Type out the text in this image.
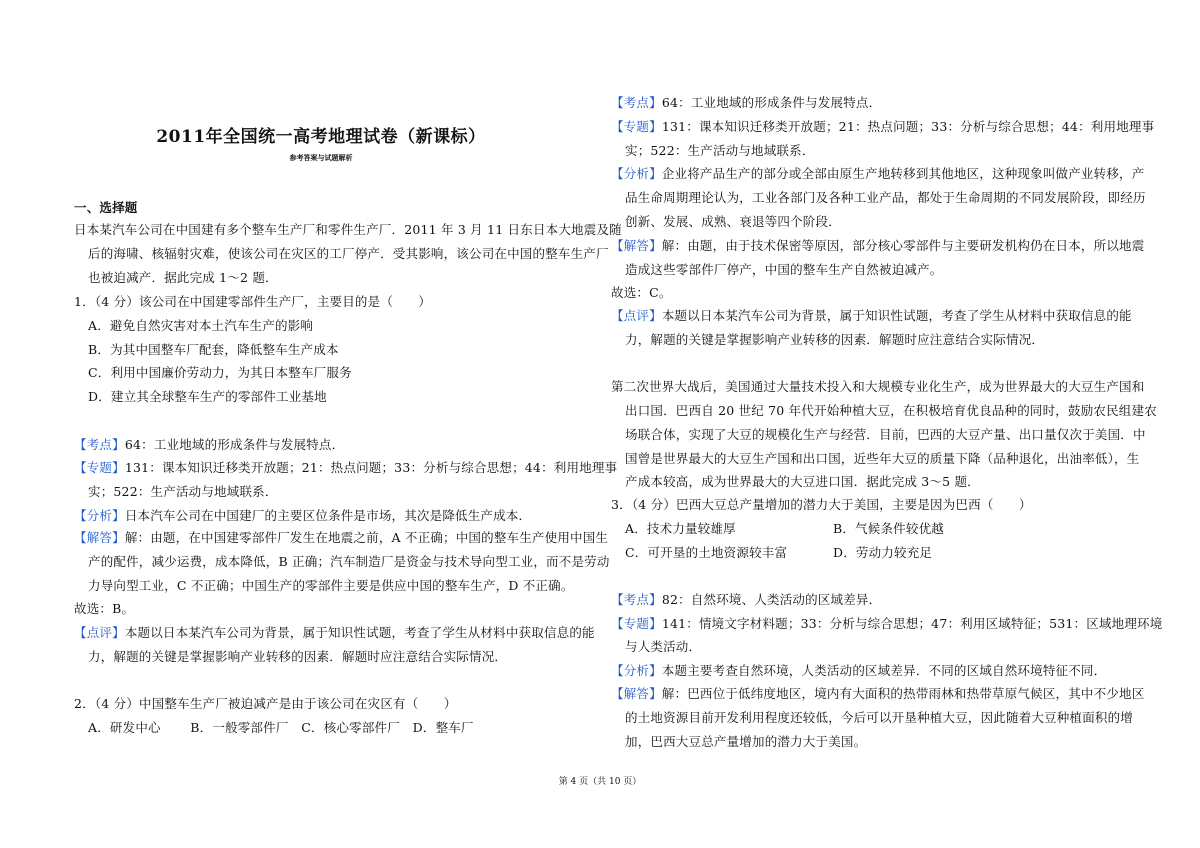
2011年全国统一高考地理试卷（新课标）
参考答案与试题解析
一、选择题
日本某汽车公司在中国建有多个整车生产厂和零件生产厂．2011 年 3 月 11 日东日本大地震及随
后的海啸、核辐射灾难，使该公司在灾区的工厂停产．受其影响，该公司在中国的整车生产厂
也被迫减产．据此完成 1～2 题．
1．（4 分）该公司在中国建零部件生产厂，主要目的是（　　）
A．避免自然灾害对本土汽车生产的影响
B．为其中国整车厂配套，降低整车生产成本
C．利用中国廉价劳动力，为其日本整车厂服务
D．建立其全球整车生产的零部件工业基地
【考点】64：工业地域的形成条件与发展特点．
【专题】131：课本知识迁移类开放题；21：热点问题；33：分析与综合思想；44：利用地理事
实；522：生产活动与地域联系．
【分析】日本汽车公司在中国建厂的主要区位条件是市场，其次是降低生产成本．
【解答】解：由题，在中国建零部件厂发生在地震之前，A 不正确；中国的整车生产使用中国生
产的配件，减少运费，成本降低，B 正确；汽车制造厂是资金与技术导向型工业，而不是劳动
力导向型工业，C 不正确；中国生产的零部件主要是供应中国的整车生产，D 不正确。
故选：B。
【点评】本题以日本某汽车公司为背景，属于知识性试题，考查了学生从材料中获取信息的能
力，解题的关键是掌握影响产业转移的因素．解题时应注意结合实际情况．
2．（4 分）中国整车生产厂被迫减产是由于该公司在灾区有（　　）
A．研发中心　　 B．一般零部件厂　C．核心零部件厂　D．整车厂
【考点】64：工业地域的形成条件与发展特点．
【专题】131：课本知识迁移类开放题；21：热点问题；33：分析与综合思想；44：利用地理事
实；522：生产活动与地域联系．
【分析】企业将产品生产的部分或全部由原生产地转移到其他地区，这种现象叫做产业转移，产
品生命周期理论认为，工业各部门及各种工业产品，都处于生命周期的不同发展阶段，即经历
创新、发展、成熟、衰退等四个阶段．
【解答】解：由题，由于技术保密等原因，部分核心零部件与主要研发机构仍在日本，所以地震
造成这些零部件厂停产，中国的整车生产自然被迫减产。
故选：C。
【点评】本题以日本某汽车公司为背景，属于知识性试题，考查了学生从材料中获取信息的能
力，解题的关键是掌握影响产业转移的因素．解题时应注意结合实际情况．
第二次世界大战后，美国通过大量技术投入和大规模专业化生产，成为世界最大的大豆生产国和
出口国．巴西自 20 世纪 70 年代开始种植大豆，在积极培育优良品种的同时，鼓励农民组建农
场联合体，实现了大豆的规模化生产与经营．目前，巴西的大豆产量、出口量仅次于美国．中
国曾是世界最大的大豆生产国和出口国，近些年大豆的质量下降（品种退化，出油率低），生
产成本较高，成为世界最大的大豆进口国．据此完成 3～5 题．
3．（4 分）巴西大豆总产量增加的潜力大于美国，主要是因为巴西（　　）
A．技术力量较雄厚	B．气候条件较优越
C．可开垦的土地资源较丰富	D．劳动力较充足
【考点】82：自然环境、人类活动的区域差异．
【专题】141：情境文字材料题；33：分析与综合思想；47：利用区域特征；531：区域地理环境
与人类活动．
【分析】本题主要考查自然环境，人类活动的区域差异．不同的区域自然环境特征不同．
【解答】解：巴西位于低纬度地区，境内有大面积的热带雨林和热带草原气候区，其中不少地区
的土地资源目前开发利用程度还较低，今后可以开垦种植大豆，因此随着大豆种植面积的增
加，巴西大豆总产量增加的潜力大于美国。
第 4 页（共 10 页）
